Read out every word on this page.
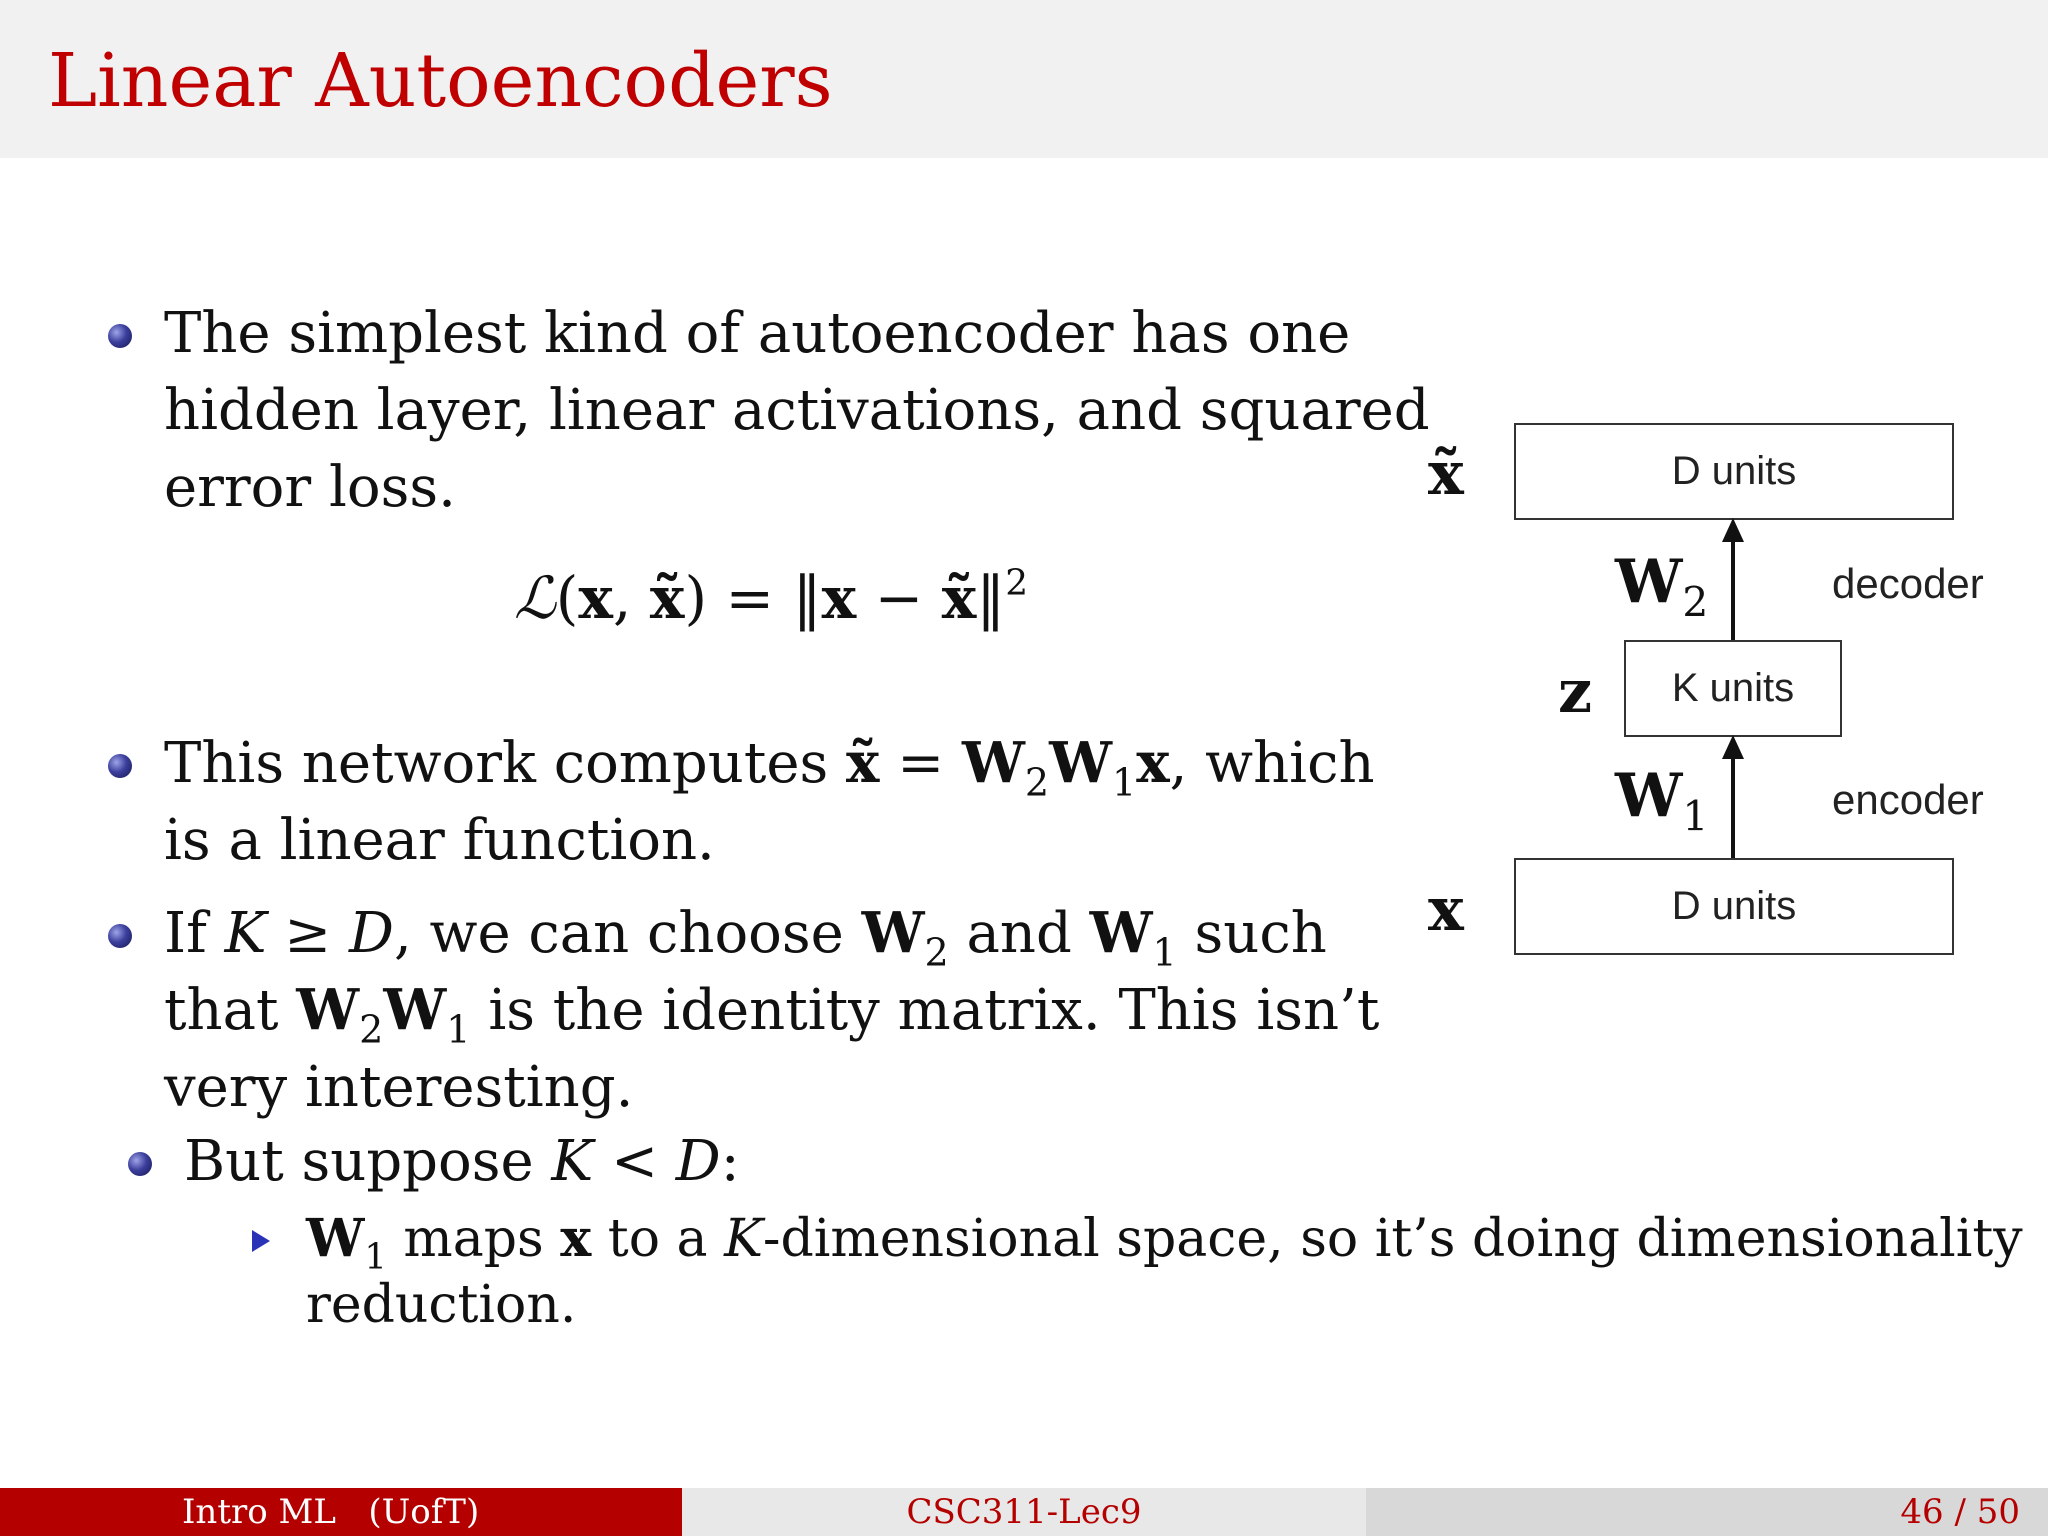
Linear Autoencoders
The simplest kind of autoencoder has one
hidden layer, linear activations, and squared
error loss.
ℒ(x, x̃) = ‖x − x̃‖$^2$
This network computes x̃ = $W_2W_1x$, which
is a linear function.
If K ≥ D, we can choose $W_2$ and $W_1$ such
that $W_2W_1$ is the identity matrix. This isn’t
very interesting.
But suppose K < D:
$W_1$ maps x to a K-dimensional space, so it’s doing dimensionality
reduction.
x̃	D units
$W_2$	decoder
z	K units
$W_1$	encoder
x	D units
Intro ML   (UofT)	CSC311-Lec9	46 / 50
